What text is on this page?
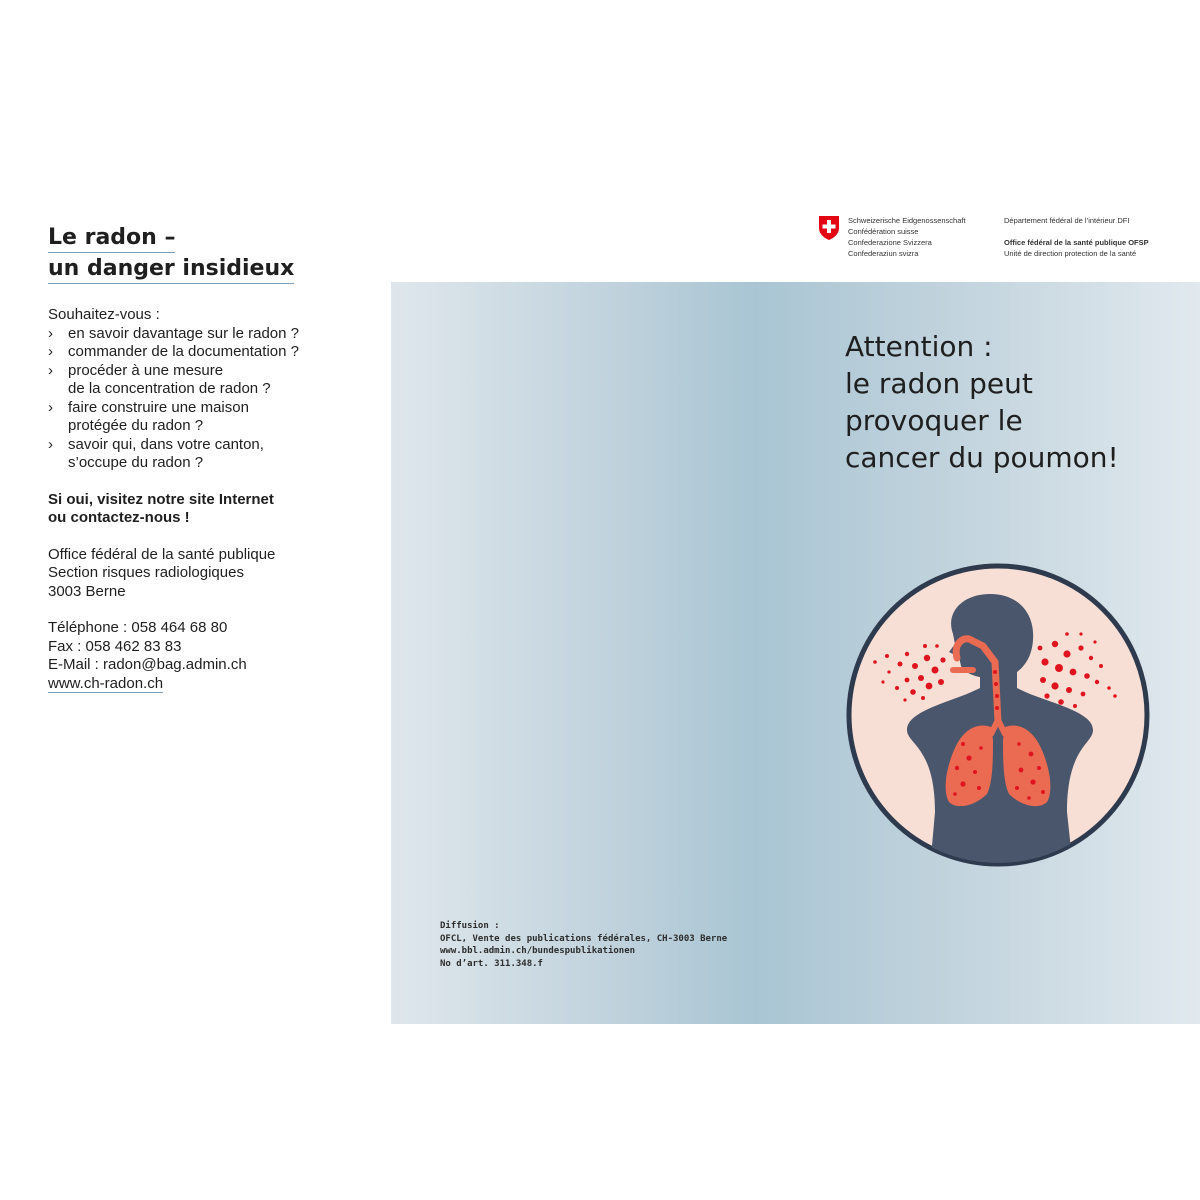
Le radon –
un danger insidieux
Souhaitez-vous :
› en savoir davantage sur le radon ?
› commander de la documentation ?
› procéder à une mesure
de la concentration de radon ?
› faire construire une maison
protégée du radon ?
› savoir qui, dans votre canton,
s’occupe du radon ?
Si oui, visitez notre site Internet
ou contactez-nous !
Office fédéral de la santé publique
Section risques radiologiques
3003 Berne
Téléphone : 058 464 68 80
Fax : 058 462 83 83
E-Mail : radon@bag.admin.ch
www.ch-radon.ch
Schweizerische Eidgenossenschaft
Confédération suisse
Confederazione Svizzera
Confederaziun svizra
Département fédéral de l’intérieur DFI
Office fédéral de la santé publique OFSP
Unité de direction protection de la santé
Attention :
le radon peut
provoquer le
cancer du poumon!
Diffusion :
OFCL, Vente des publications fédérales, CH-3003 Berne
www.bbl.admin.ch/bundespublikationen
No d’art. 311.348.f
